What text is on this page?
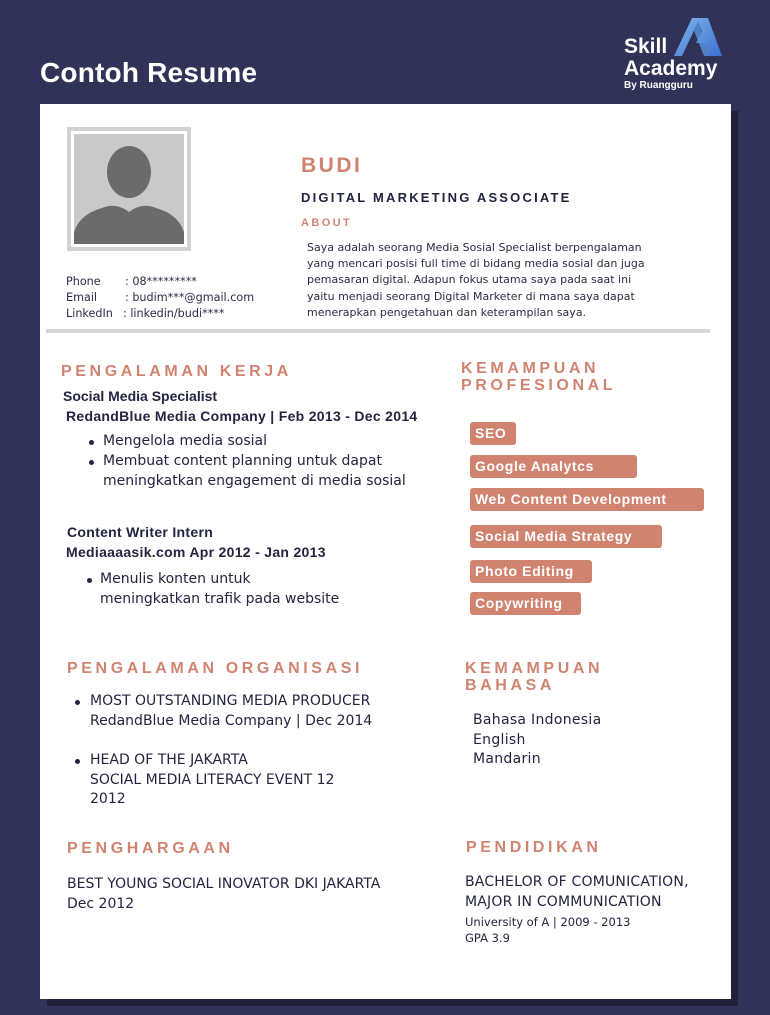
Contoh Resume
Skill
Academy
By Ruangguru
Phone	: 08*********
Email	: budim***@gmail.com
LinkedIn : linkedin/budi****
BUDI
DIGITAL MARKETING ASSOCIATE
ABOUT
Saya adalah seorang Media Sosial Specialist berpengalaman
yang mencari posisi full time di bidang media sosial dan juga
pemasaran digital. Adapun fokus utama saya pada saat ini
yaitu menjadi seorang Digital Marketer di mana saya dapat
menerapkan pengetahuan dan keterampilan saya.
PENGALAMAN KERJA
Social Media Specialist
RedandBlue Media Company | Feb 2013 - Dec 2014
Mengelola media sosial
Membuat content planning untuk dapat
meningkatkan engagement di media sosial
Content Writer Intern
Mediaaaasik.com Apr 2012 - Jan 2013
Menulis konten untuk
meningkatkan trafik pada website
KEMAMPUAN
PROFESIONAL
SEO
Google Analytcs
Web Content Development
Social Media Strategy
Photo Editing
Copywriting
PENGALAMAN ORGANISASI
MOST OUTSTANDING MEDIA PRODUCER
RedandBlue Media Company | Dec 2014
HEAD OF THE JAKARTA
SOCIAL MEDIA LITERACY EVENT 12
2012
KEMAMPUAN
BAHASA
Bahasa Indonesia
English
Mandarin
PENGHARGAAN
BEST YOUNG SOCIAL INOVATOR DKI JAKARTA
Dec 2012
PENDIDIKAN
BACHELOR OF COMUNICATION,
MAJOR IN COMMUNICATION
University of A | 2009 - 2013
GPA 3.9
